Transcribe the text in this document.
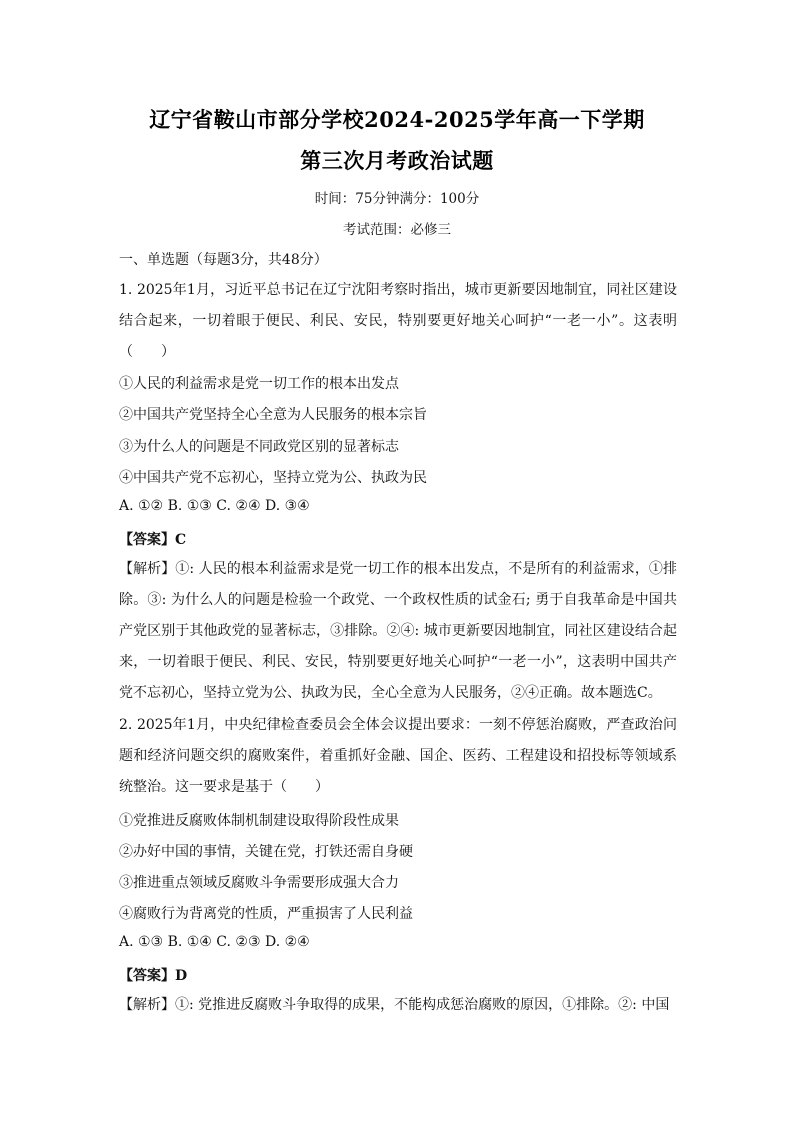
辽宁省鞍山市部分学校2024-2025学年高一下学期
第三次月考政治试题
时间：75分钟满分：100分
考试范围：必修三
一、单选题（每题3分，共48分）
1. 2025年1月，习近平总书记在辽宁沈阳考察时指出，城市更新要因地制宜，同社区建设结合起来，一切着眼于便民、利民、安民，特别要更好地关心呵护“一老一小”。这表明（　　）
①人民的利益需求是党一切工作的根本出发点
②中国共产党坚持全心全意为人民服务的根本宗旨
③为什么人的问题是不同政党区别的显著标志
④中国共产党不忘初心，坚持立党为公、执政为民
A. ①② B. ①③ C. ②④ D. ③④
【答案】C
【解析】①: 人民的根本利益需求是党一切工作的根本出发点，不是所有的利益需求，①排除。③: 为什么人的问题是检验一个政党、一个政权性质的试金石; 勇于自我革命是中国共产党区别于其他政党的显著标志，③排除。②④: 城市更新要因地制宜，同社区建设结合起来，一切着眼于便民、利民、安民，特别要更好地关心呵护“一老一小”，这表明中国共产党不忘初心，坚持立党为公、执政为民，全心全意为人民服务，②④正确。故本题选C。
2. 2025年1月，中央纪律检查委员会全体会议提出要求：一刻不停惩治腐败，严查政治问题和经济问题交织的腐败案件，着重抓好金融、国企、医药、工程建设和招投标等领域系统整治。这一要求是基于（　　）
①党推进反腐败体制机制建设取得阶段性成果
②办好中国的事情，关键在党，打铁还需自身硬
③推进重点领域反腐败斗争需要形成强大合力
④腐败行为背离党的性质，严重损害了人民利益
A. ①③ B. ①④ C. ②③ D. ②④
【答案】D
【解析】①: 党推进反腐败斗争取得的成果，不能构成惩治腐败的原因，①排除。②: 中国
